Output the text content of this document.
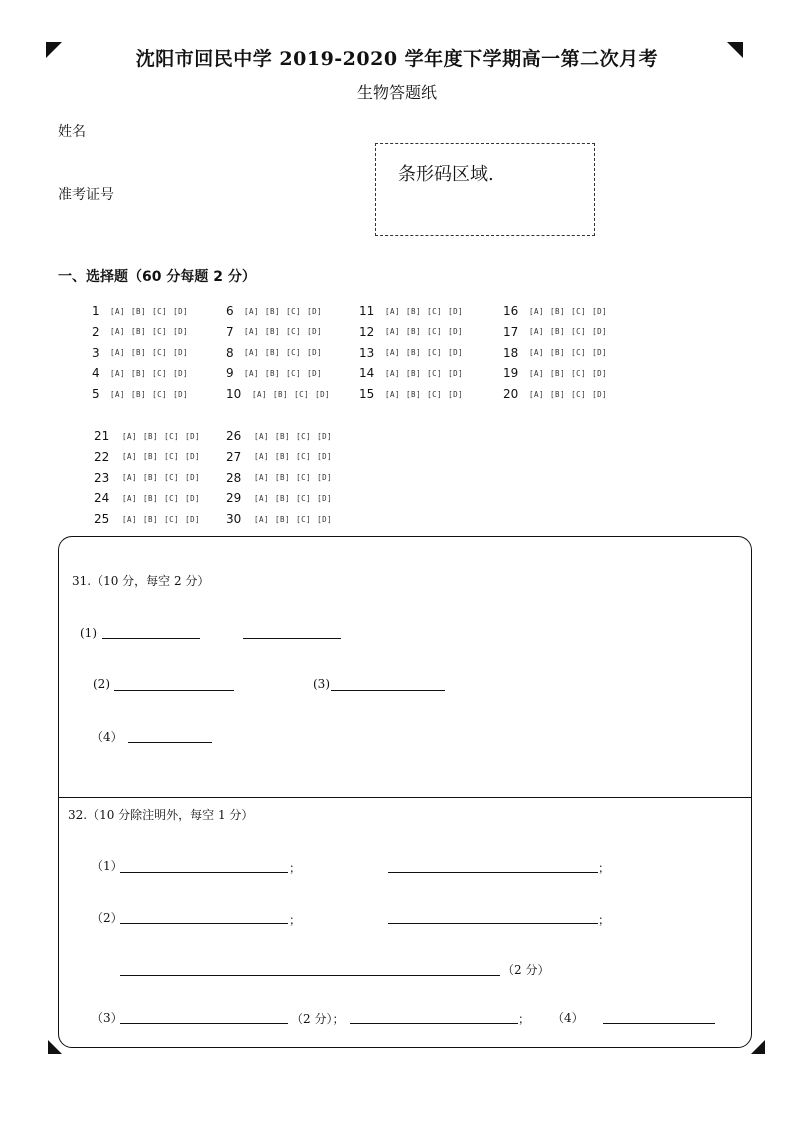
沈阳市回民中学 2019-2020 学年度下学期高一第二次月考
生物答题纸
姓名
准考证号
条形码区域.
一、选择题（60 分每题 2 分）
1	[A] [B] [C] [D]
2	[A] [B] [C] [D]
3	[A] [B] [C] [D]
4	[A] [B] [C] [D]
5	[A] [B] [C] [D]
6	[A] [B] [C] [D]
7	[A] [B] [C] [D]
8	[A] [B] [C] [D]
9	[A] [B] [C] [D]
10	[A] [B] [C] [D]
11	[A] [B] [C] [D]
12	[A] [B] [C] [D]
13	[A] [B] [C] [D]
14	[A] [B] [C] [D]
15	[A] [B] [C] [D]
16	[A] [B] [C] [D]
17	[A] [B] [C] [D]
18	[A] [B] [C] [D]
19	[A] [B] [C] [D]
20	[A] [B] [C] [D]
21	[A] [B] [C] [D]
22	[A] [B] [C] [D]
23	[A] [B] [C] [D]
24	[A] [B] [C] [D]
25	[A] [B] [C] [D]
26	[A] [B] [C] [D]
27	[A] [B] [C] [D]
28	[A] [B] [C] [D]
29	[A] [B] [C] [D]
30	[A] [B] [C] [D]
31.（10 分，每空 2 分）
(1)
(2)	(3)
（4）
32.（10 分除注明外，每空 1 分）
（1）	；	；
（2）	；	；
（2 分）
（3）	（2 分）；	； （4）
